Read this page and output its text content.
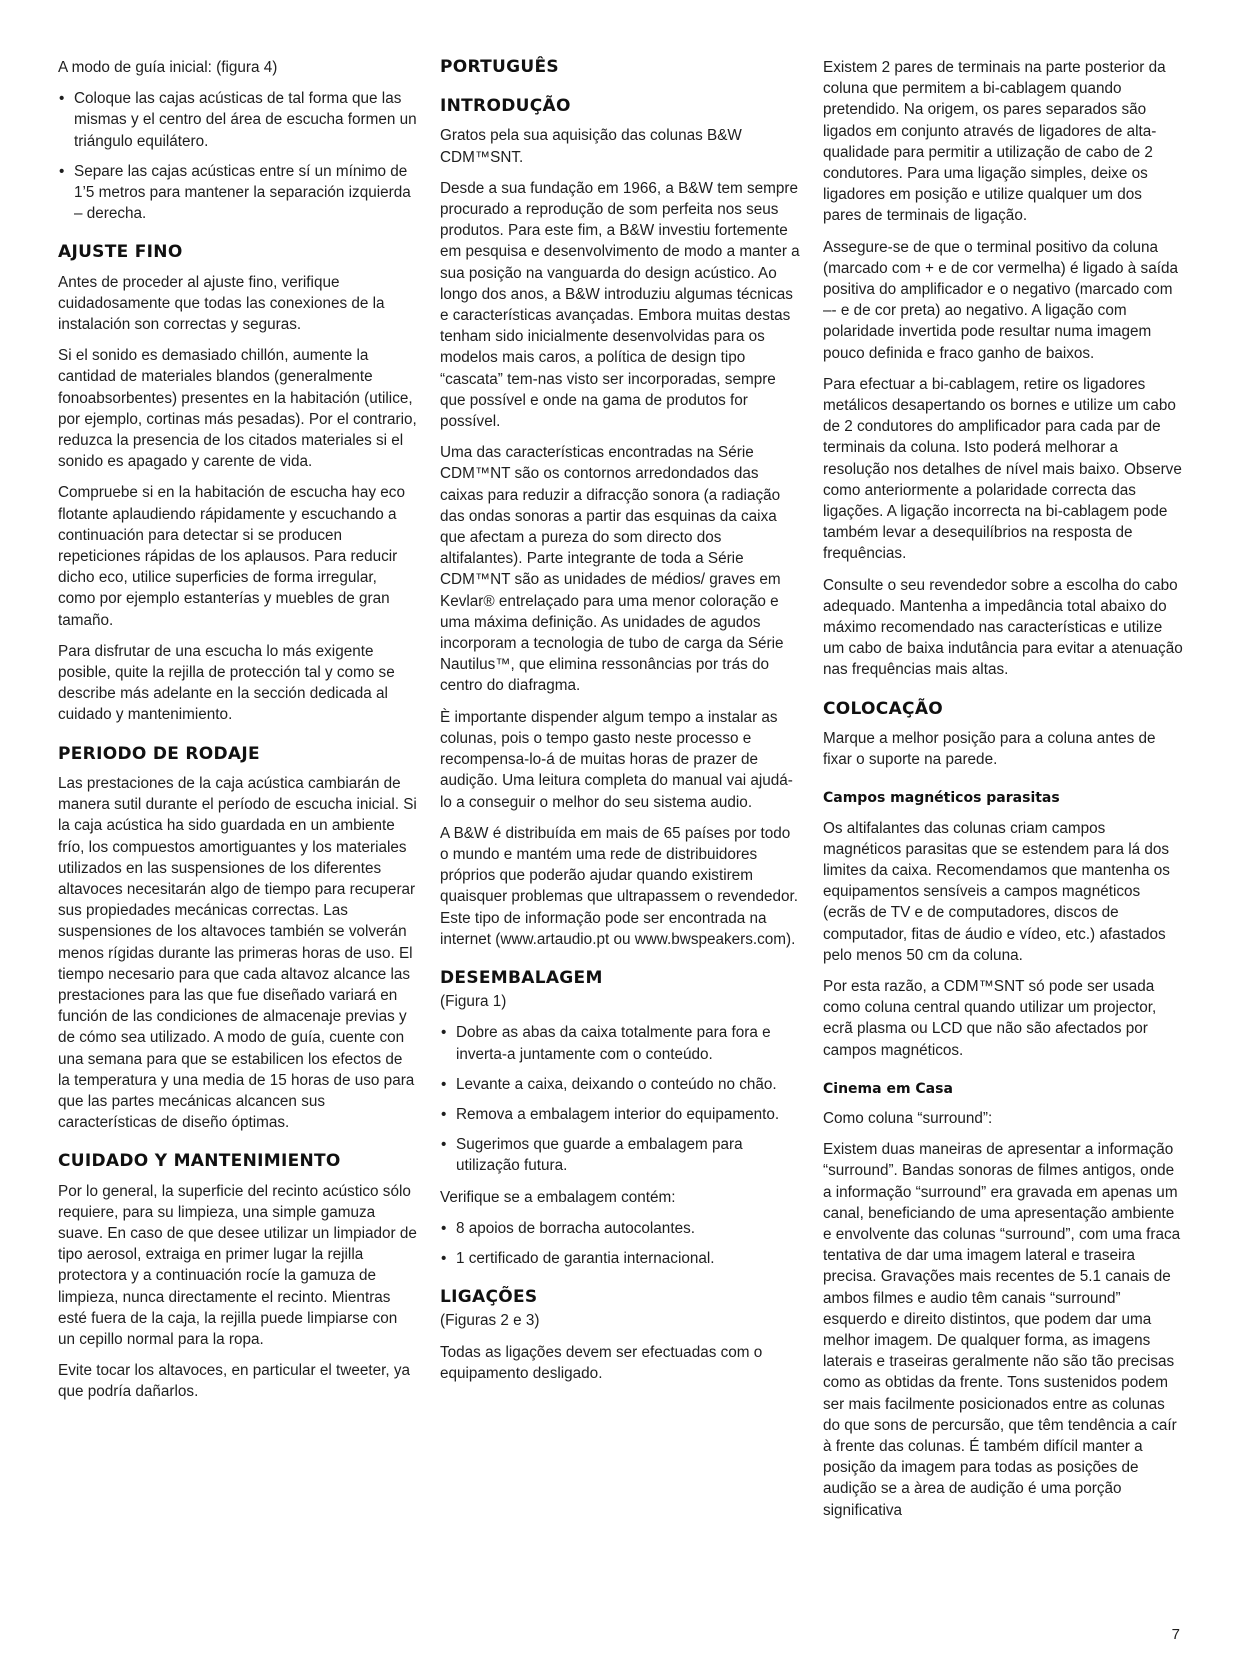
A modo de guía inicial: (figura 4)

• Coloque las cajas acústicas de tal forma que las mismas y el centro del área de escucha formen un triángulo equilátero.
• Separe las cajas acústicas entre sí un mínimo de 1’5 metros para mantener la separación izquierda – derecha.
AJUSTE FINO

Antes de proceder al ajuste fino, verifique cuidadosamente que todas las conexiones de la instalación son correctas y seguras.

Si el sonido es demasiado chillón, aumente la cantidad de materiales blandos (generalmente fonoabsorbentes) presentes en la habitación (utilice, por ejemplo, cortinas más pesadas). Por el contrario, reduzca la presencia de los citados materiales si el sonido es apagado y carente de vida.

Compruebe si en la habitación de escucha hay eco flotante aplaudiendo rápidamente y escuchando a continuación para detectar si se producen repeticiones rápidas de los aplausos. Para reducir dicho eco, utilice superficies de forma irregular, como por ejemplo estanterías y muebles de gran tamaño.

Para disfrutar de una escucha lo más exigente posible, quite la rejilla de protección tal y como se describe más adelante en la sección dedicada al cuidado y mantenimiento.

PERIODO DE RODAJE

Las prestaciones de la caja acústica cambiarán de manera sutil durante el período de escucha inicial. Si la caja acústica ha sido guardada en un ambiente frío, los compuestos amortiguantes y los materiales utilizados en las suspensiones de los diferentes altavoces necesitarán algo de tiempo para recuperar sus propiedades mecánicas correctas. Las suspensiones de los altavoces también se volverán menos rígidas durante las primeras horas de uso. El tiempo necesario para que cada altavoz alcance las prestaciones para las que fue diseñado variará en función de las condiciones de almacenaje previas y de cómo sea utilizado. A modo de guía, cuente con una semana para que se estabilicen los efectos de la temperatura y una media de 15 horas de uso para que las partes mecánicas alcancen sus características de diseño óptimas.

CUIDADO Y MANTENIMIENTO

Por lo general, la superficie del recinto acústico sólo requiere, para su limpieza, una simple gamuza suave. En caso de que desee utilizar un limpiador de tipo aerosol, extraiga en primer lugar la rejilla protectora y a continuación rocíe la gamuza de limpieza, nunca directamente el recinto. Mientras esté fuera de la caja, la rejilla puede limpiarse con un cepillo normal para la ropa.

Evite tocar los altavoces, en particular el tweeter, ya que podría dañarlos.

PORTUGUÊS
INTRODUÇÃO

Gratos pela sua aquisição das colunas B&W CDM™SNT.

Desde a sua fundação em 1966, a B&W tem sempre procurado a reprodução de som perfeita nos seus produtos. Para este fim, a B&W investiu fortemente em pesquisa e desenvolvimento de modo a manter a sua posição na vanguarda do design acústico. Ao longo dos anos, a B&W introduziu algumas técnicas e características avançadas. Embora muitas destas tenham sido inicialmente desenvolvidas para os modelos mais caros, a política de design tipo “cascata” tem-nas visto ser incorporadas, sempre que possível e onde na gama de produtos for possível.

Uma das características encontradas na Série CDM™NT são os contornos arredondados das caixas para reduzir a difracção sonora (a radiação das ondas sonoras a partir das esquinas da caixa que afectam a pureza do som directo dos altifalantes). Parte integrante de toda a Série CDM™NT são as unidades de médios/ graves em Kevlar® entrelaçado para uma menor coloração e uma máxima definição. As unidades de agudos incorporam a tecnologia de tubo de carga da Série Nautilus™, que elimina ressonâncias por trás do centro do diafragma.

È importante dispender algum tempo a instalar as colunas, pois o tempo gasto neste processo e recompensa-lo-á de muitas horas de prazer de audição. Uma leitura completa do manual vai ajudá-lo a conseguir o melhor do seu sistema audio.

A B&W é distribuída em mais de 65 países por todo o mundo e mantém uma rede de distribuidores próprios que poderão ajudar quando existirem quaisquer problemas que ultrapassem o revendedor. Este tipo de informação pode ser encontrada na internet (www.artaudio.pt ou www.bwspeakers.com).

DESEMBALAGEM

(Figura 1)

• Dobre as abas da caixa totalmente para fora e inverta-a juntamente com o conteúdo.
• Levante a caixa, deixando o conteúdo no chão.
• Remova a embalagem interior do equipamento.
• Sugerimos que guarde a embalagem para utilização futura.

Verifique se a embalagem contém:

• 8 apoios de borracha autocolantes.
• 1 certificado de garantia internacional.
LIGAÇÕES

(Figuras 2 e 3)

Todas as ligações devem ser efectuadas com o equipamento desligado.

Existem 2 pares de terminais na parte posterior da coluna que permitem a bi-cablagem quando pretendido. Na origem, os pares separados são ligados em conjunto através de ligadores de alta-qualidade para permitir a utilização de cabo de 2 condutores. Para uma ligação simples, deixe os ligadores em posição e utilize qualquer um dos pares de terminais de ligação.

Assegure-se de que o terminal positivo da coluna (marcado com + e de cor vermelha) é ligado à saída positiva do amplificador e o negativo (marcado com –- e de cor preta) ao negativo. A ligação com polaridade invertida pode resultar numa imagem pouco definida e fraco ganho de baixos.

Para efectuar a bi-cablagem, retire os ligadores metálicos desapertando os bornes e utilize um cabo de 2 condutores do amplificador para cada par de terminais da coluna. Isto poderá melhorar a resolução nos detalhes de nível mais baixo. Observe como anteriormente a polaridade correcta das ligações. A ligação incorrecta na bi-cablagem pode também levar a desequilíbrios na resposta de frequências.

Consulte o seu revendedor sobre a escolha do cabo adequado. Mantenha a impedância total abaixo do máximo recomendado nas características e utilize um cabo de baixa indutância para evitar a atenuação nas frequências mais altas.

COLOCAÇÃO

Marque a melhor posição para a coluna antes de fixar o suporte na parede.

Campos magnéticos parasitas

Os altifalantes das colunas criam campos magnéticos parasitas que se estendem para lá dos limites da caixa. Recomendamos que mantenha os equipamentos sensíveis a campos magnéticos (ecrãs de TV e de computadores, discos de computador, fitas de áudio e vídeo, etc.) afastados pelo menos 50 cm da coluna.

Por esta razão, a CDM™SNT só pode ser usada como coluna central quando utilizar um projector, ecrã plasma ou LCD que não são afectados por campos magnéticos.

Cinema em Casa

Como coluna “surround”:

Existem duas maneiras de apresentar a informação “surround”. Bandas sonoras de filmes antigos, onde a informação “surround” era gravada em apenas um canal, beneficiando de uma apresentação ambiente e envolvente das colunas “surround”, com uma fraca tentativa de dar uma imagem lateral e traseira precisa. Gravações mais recentes de 5.1 canais de ambos filmes e audio têm canais “surround” esquerdo e direito distintos, que podem dar uma melhor imagem. De qualquer forma, as imagens laterais e traseiras geralmente não são tão precisas como as obtidas da frente. Tons sustenidos podem ser mais facilmente posicionados entre as colunas do que sons de percursão, que têm tendência a caír à frente das colunas. É também difícil manter a posição da imagem para todas as posições de audição se a àrea de audição é uma porção significativa

7
